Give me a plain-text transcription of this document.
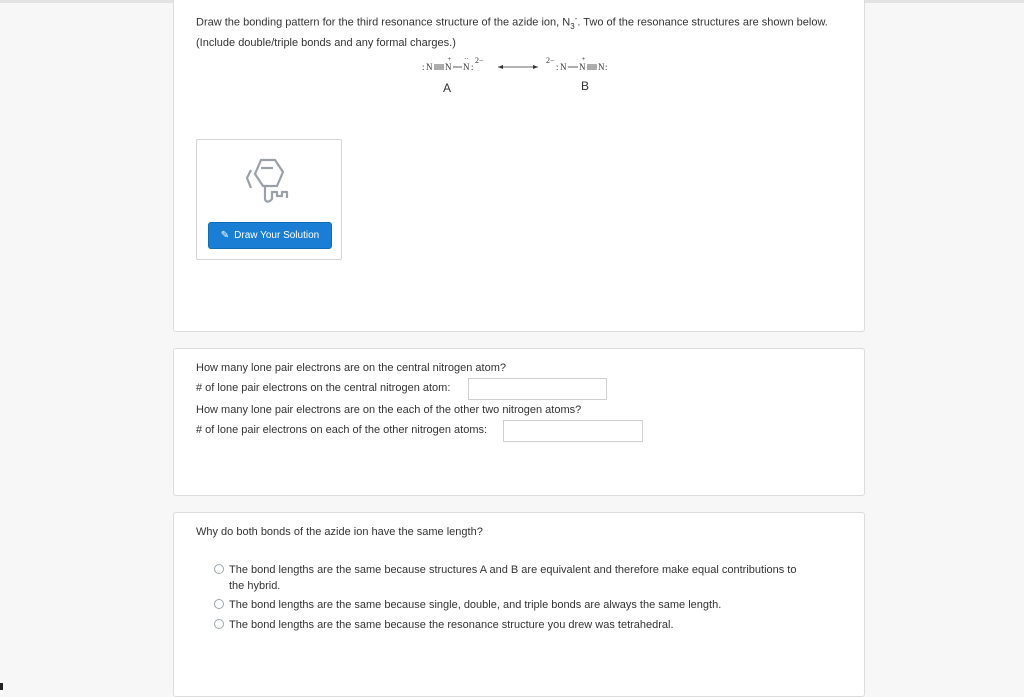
Draw the bonding pattern for the third resonance structure of the azide ion, $N_3^-$. Two of the resonance structures are shown below. (Include double/triple bonds and any formal charges.)
: N N
+
N
··
:
2−	2−
: N N
+
N :
A	B
✎ Draw Your Solution
How many lone pair electrons are on the central nitrogen atom?
# of lone pair electrons on the central nitrogen atom:
How many lone pair electrons are on the each of the other two nitrogen atoms?
# of lone pair electrons on each of the other nitrogen atoms:
Why do both bonds of the azide ion have the same length?
The bond lengths are the same because structures A and B are equivalent and therefore make equal contributions to the hybrid.
The bond lengths are the same because single, double, and triple bonds are always the same length.
The bond lengths are the same because the resonance structure you drew was tetrahedral.
